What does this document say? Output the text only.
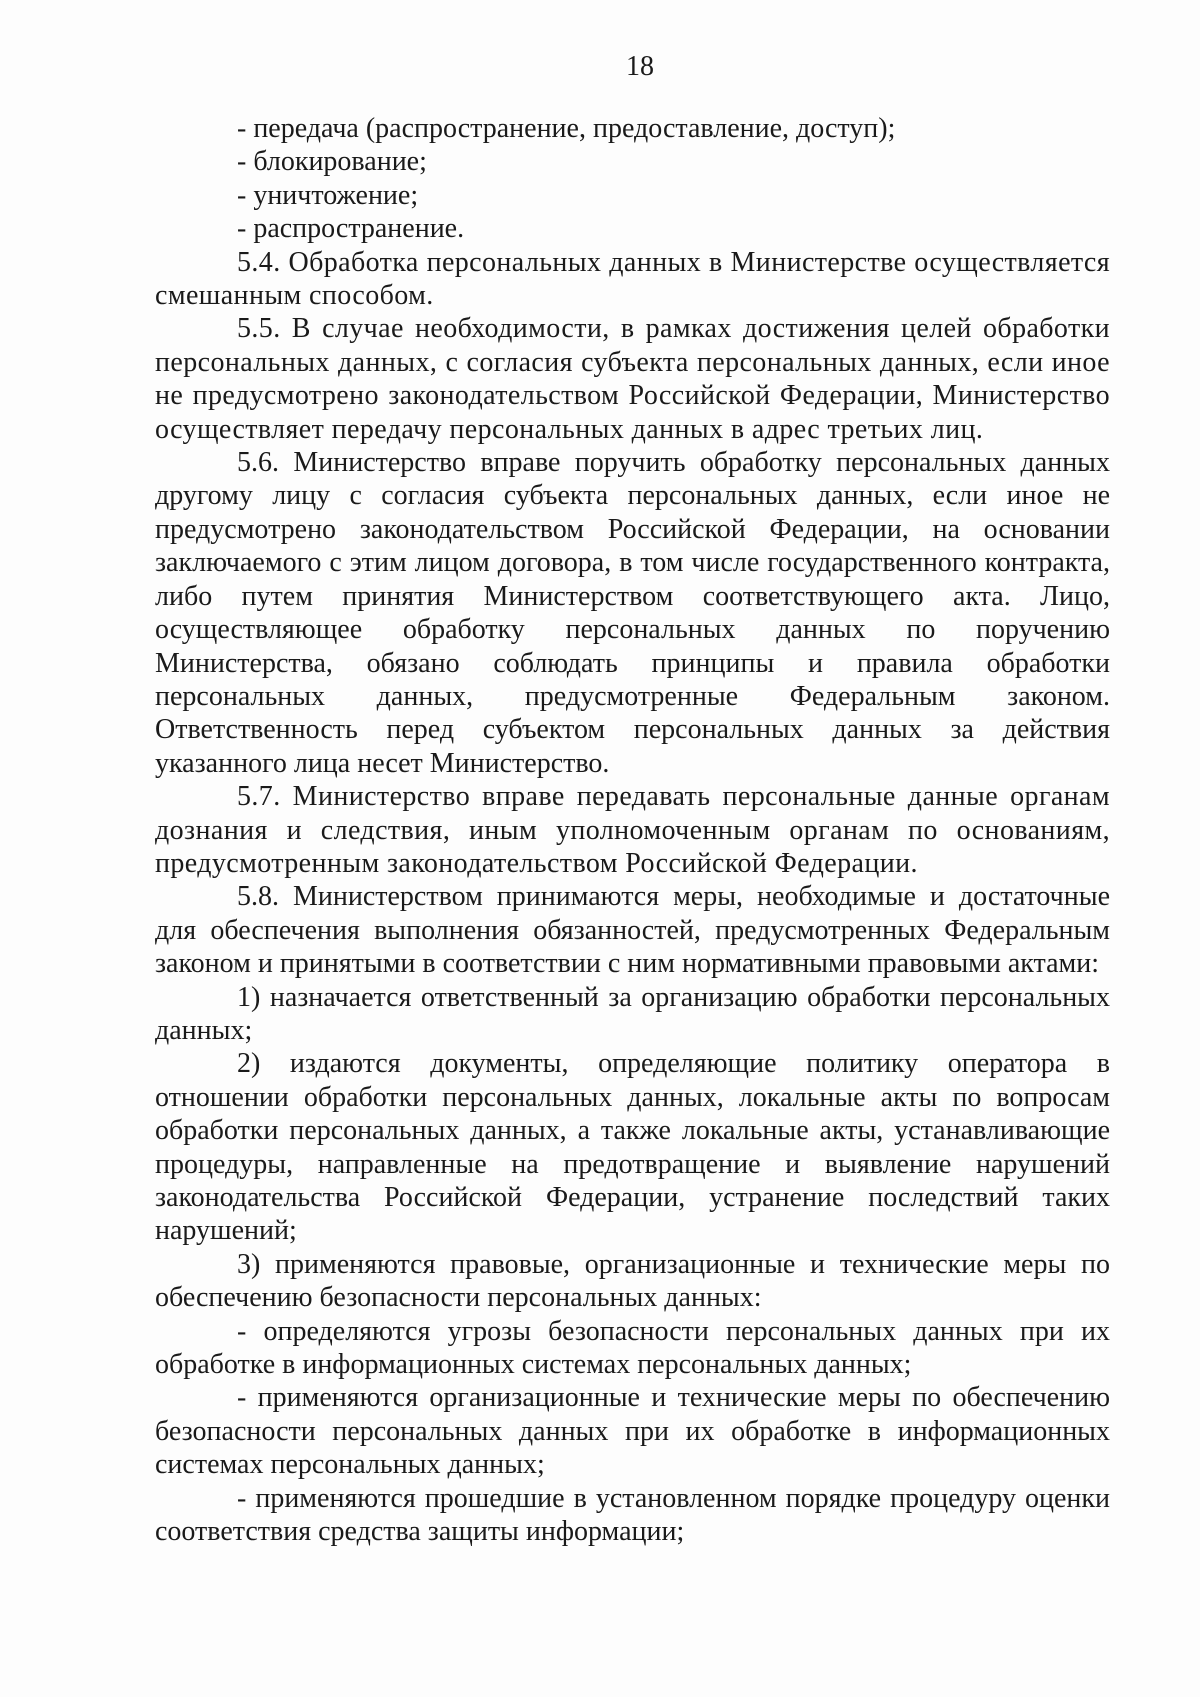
18

- передача (распространение, предоставление, доступ);

- блокирование;

- уничтожение;

- распространение.

5.4. Обработка персональных данных в Министерстве осуществляется смешанным способом.

5.5. В случае необходимости, в рамках достижения целей обработки персональных данных, с согласия субъекта персональных данных, если иное не предусмотрено законодательством Российской Федерации, Министерство осуществляет передачу персональных данных в адрес третьих лиц.

5.6. Министерство вправе поручить обработку персональных данных другому лицу с согласия субъекта персональных данных, если иное не предусмотрено законодательством Российской Федерации, на основании заключаемого с этим лицом договора, в том числе государственного контракта, либо путем принятия Министерством соответствующего акта. Лицо, осуществляющее обработку персональных данных по поручению Министерства, обязано соблюдать принципы и правила обработки персональных данных, предусмотренные Федеральным законом. Ответственность перед субъектом персональных данных за действия указанного лица несет Министерство.

5.7. Министерство вправе передавать персональные данные органам дознания и следствия, иным уполномоченным органам по основаниям, предусмотренным законодательством Российской Федерации.

5.8. Министерством принимаются меры, необходимые и достаточные для обеспечения выполнения обязанностей, предусмотренных Федеральным законом и принятыми в соответствии с ним нормативными правовыми актами:

1) назначается ответственный за организацию обработки персональных данных;

2) издаются документы, определяющие политику оператора в отношении обработки персональных данных, локальные акты по вопросам обработки персональных данных, а также локальные акты, устанавливающие процедуры, направленные на предотвращение и выявление нарушений законодательства Российской Федерации, устранение последствий таких нарушений;

3) применяются правовые, организационные и технические меры по обеспечению безопасности персональных данных:

- определяются угрозы безопасности персональных данных при их обработке в информационных системах персональных данных;

- применяются организационные и технические меры по обеспечению безопасности персональных данных при их обработке в информационных системах персональных данных;

- применяются прошедшие в установленном порядке процедуру оценки соответствия средства защиты информации;
